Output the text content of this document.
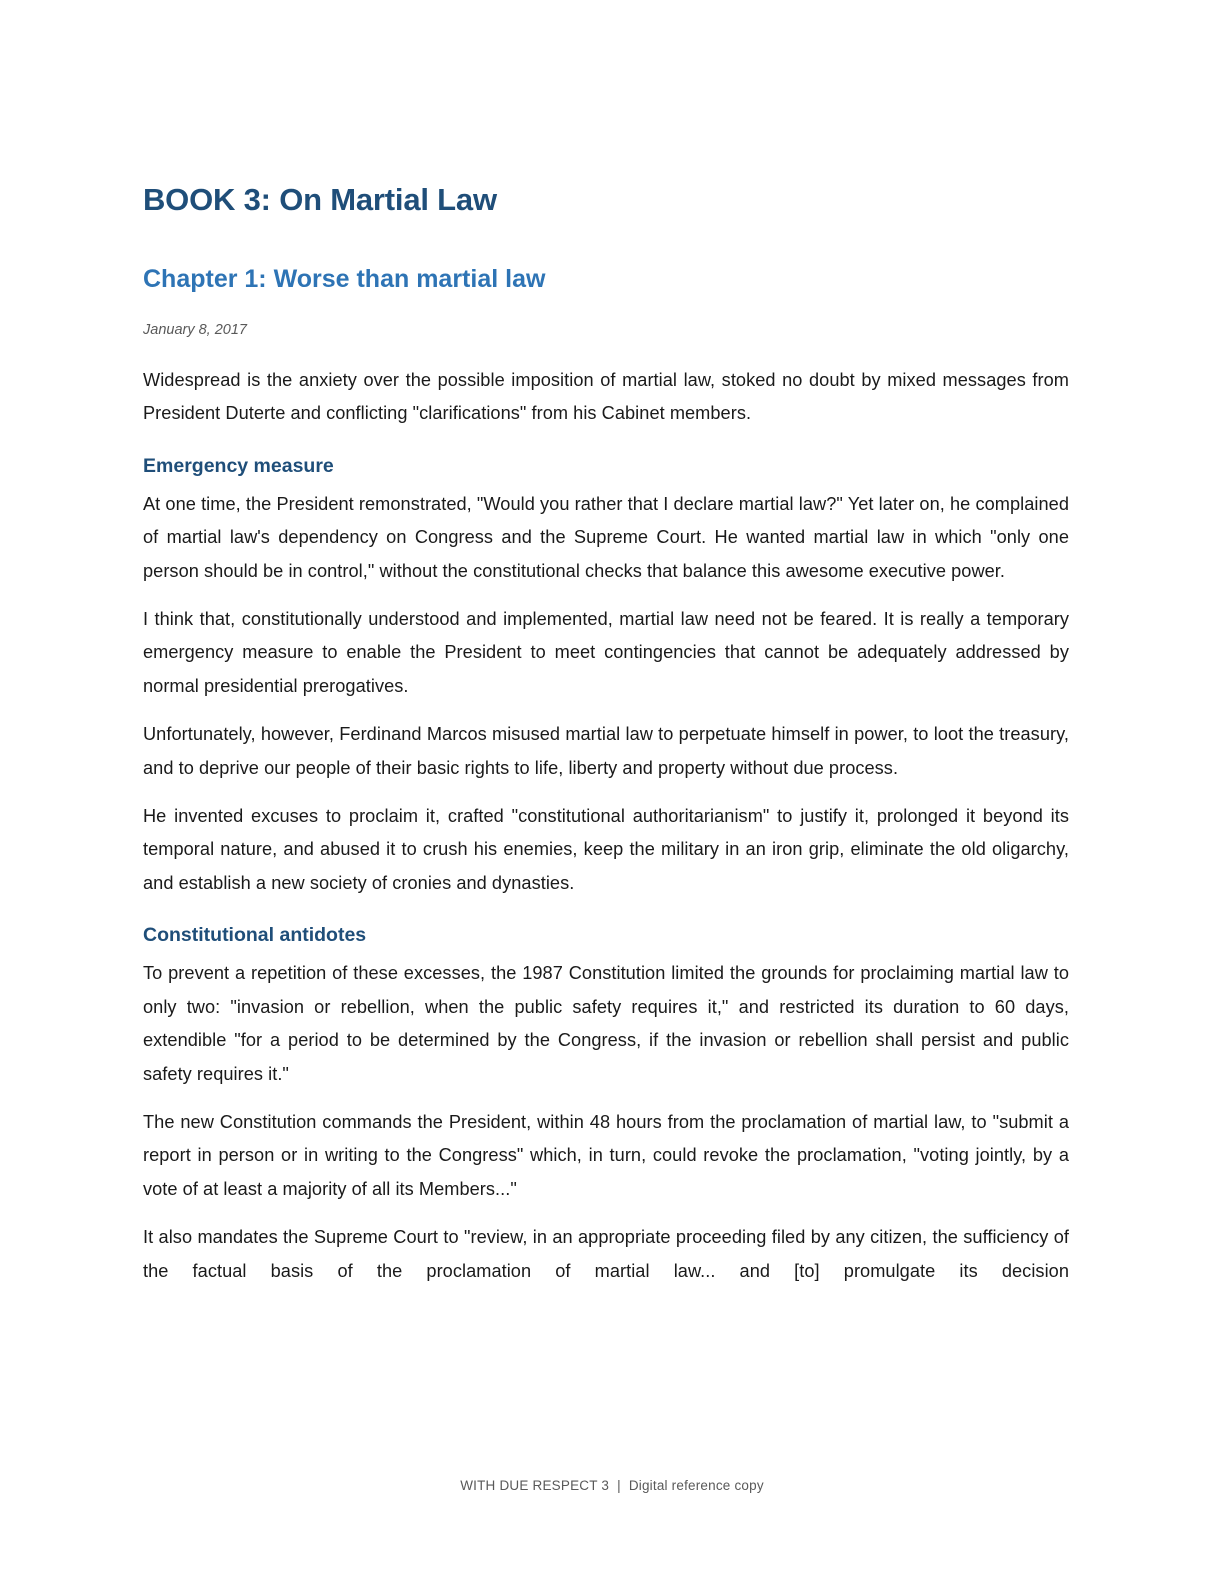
BOOK 3: On Martial Law
Chapter 1: Worse than martial law

January 8, 2017

Widespread is the anxiety over the possible imposition of martial law, stoked no doubt by mixed messages from President Duterte and conflicting "clarifications" from his Cabinet members.

Emergency measure

At one time, the President remonstrated, "Would you rather that I declare martial law?" Yet later on, he complained of martial law's dependency on Congress and the Supreme Court. He wanted martial law in which "only one person should be in control," without the constitutional checks that balance this awesome executive power.

I think that, constitutionally understood and implemented, martial law need not be feared. It is really a temporary emergency measure to enable the President to meet contingencies that cannot be adequately addressed by normal presidential prerogatives.

Unfortunately, however, Ferdinand Marcos misused martial law to perpetuate himself in power, to loot the treasury, and to deprive our people of their basic rights to life, liberty and property without due process.

He invented excuses to proclaim it, crafted "constitutional authoritarianism" to justify it, prolonged it beyond its temporal nature, and abused it to crush his enemies, keep the military in an iron grip, eliminate the old oligarchy, and establish a new society of cronies and dynasties.

Constitutional antidotes

To prevent a repetition of these excesses, the 1987 Constitution limited the grounds for proclaiming martial law to only two: "invasion or rebellion, when the public safety requires it," and restricted its duration to 60 days, extendible "for a period to be determined by the Congress, if the invasion or rebellion shall persist and public safety requires it."

The new Constitution commands the President, within 48 hours from the proclamation of martial law, to "submit a report in person or in writing to the Congress" which, in turn, could revoke the proclamation, "voting jointly, by a vote of at least a majority of all its Members..."

It also mandates the Supreme Court to "review, in an appropriate proceeding filed by any citizen, the sufficiency of the factual basis of the proclamation of martial law... and [to] promulgate its decision

WITH DUE RESPECT 3 | Digital reference copy
